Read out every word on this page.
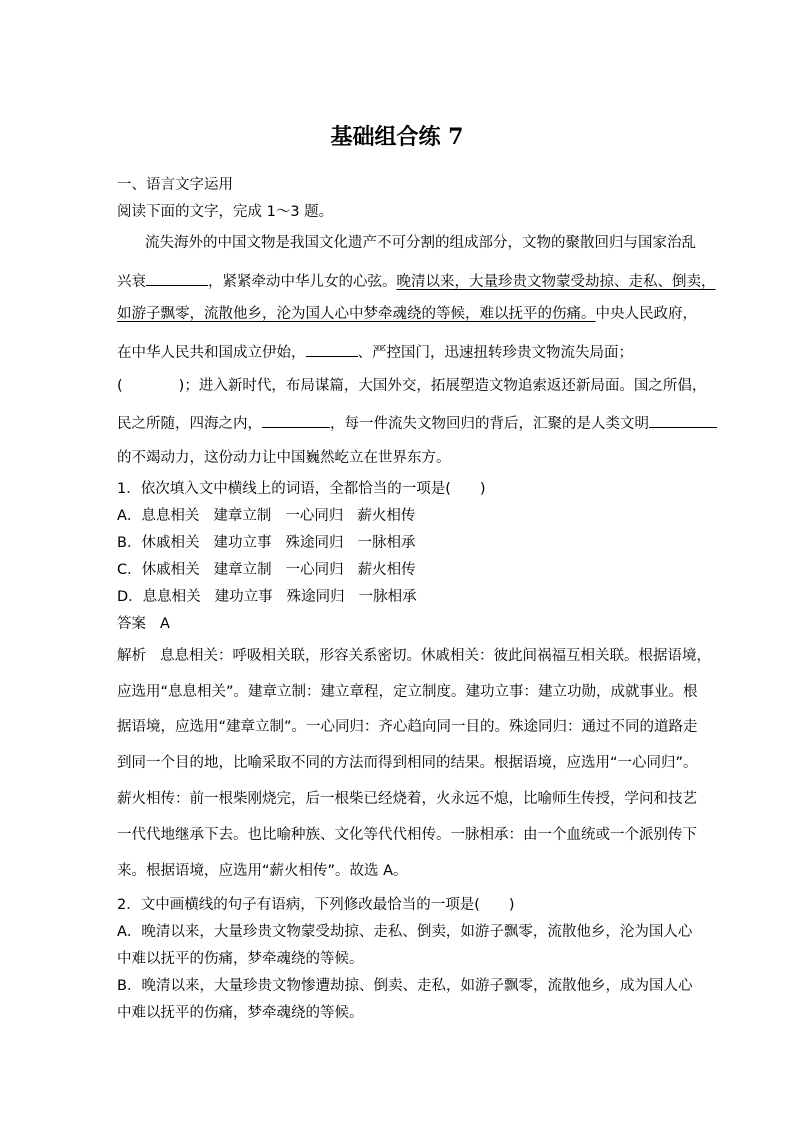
基础组合练 7
一、语言文字运用
阅读下面的文字，完成 1～3 题。
流失海外的中国文物是我国文化遗产不可分割的组成部分，文物的聚散回归与国家治乱
兴衰	，紧紧牵动中华儿女的心弦。晚清以来，大量珍贵文物蒙受劫掠、走私、倒卖，
如游子飘零，流散他乡，沦为国人心中梦牵魂绕的等候，难以抚平的伤痛。中央人民政府，
在中华人民共和国成立伊始，	、严控国门，迅速扭转珍贵文物流失局面；
(	)；进入新时代，布局谋篇，大国外交，拓展塑造文物追索返还新局面。国之所倡，
民之所随，四海之内，	，每一件流失文物回归的背后，汇聚的是人类文明
的不竭动力，这份动力让中国巍然屹立在世界东方。
1．依次填入文中横线上的词语，全都恰当的一项是(　　)
A．息息相关 建章立制 一心同归 薪火相传
B．休戚相关 建功立事 殊途同归 一脉相承
C．休戚相关 建章立制 一心同归 薪火相传
D．息息相关 建功立事 殊途同归 一脉相承
答案 A
解析 息息相关：呼吸相关联，形容关系密切。休戚相关：彼此间祸福互相关联。根据语境，
应选用“息息相关”。建章立制：建立章程，定立制度。建功立事：建立功勋，成就事业。根
据语境，应选用“建章立制”。一心同归：齐心趋向同一目的。殊途同归：通过不同的道路走
到同一个目的地，比喻采取不同的方法而得到相同的结果。根据语境，应选用“一心同归”。
薪火相传：前一根柴刚烧完，后一根柴已经烧着，火永远不熄，比喻师生传授，学问和技艺
一代代地继承下去。也比喻种族、文化等代代相传。一脉相承：由一个血统或一个派别传下
来。根据语境，应选用“薪火相传”。故选 A。
2．文中画横线的句子有语病，下列修改最恰当的一项是(　　)
A．晚清以来，大量珍贵文物蒙受劫掠、走私、倒卖，如游子飘零，流散他乡，沦为国人心
中难以抚平的伤痛，梦牵魂绕的等候。
B．晚清以来，大量珍贵文物惨遭劫掠、倒卖、走私，如游子飘零，流散他乡，成为国人心
中难以抚平的伤痛，梦牵魂绕的等候。
